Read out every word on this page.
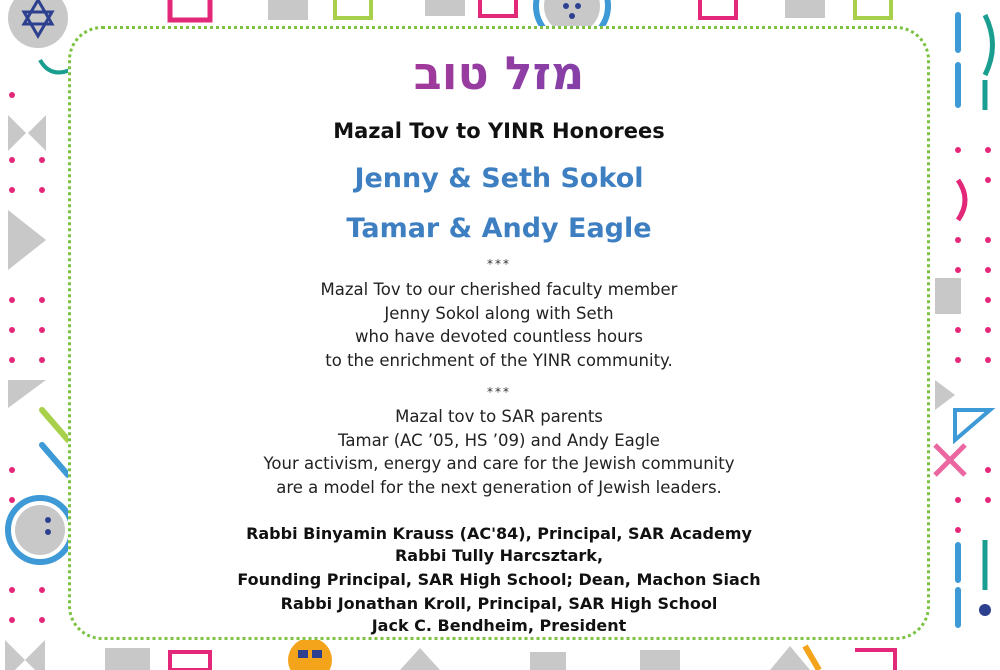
מזל טוב
Mazal Tov to YINR Honorees
Jenny & Seth Sokol
Tamar & Andy Eagle
***
Mazal Tov to our cherished faculty member
Jenny Sokol along with Seth
who have devoted countless hours
to the enrichment of the YINR community.
***
Mazal tov to SAR parents
Tamar (AC ’05, HS ’09) and Andy Eagle
Your activism, energy and care for the Jewish community
are a model for the next generation of Jewish leaders.
Rabbi Binyamin Krauss (AC'84), Principal, SAR Academy
Rabbi Tully Harcsztark,
Founding Principal, SAR High School; Dean, Machon Siach
Rabbi Jonathan Kroll, Principal, SAR High School
Jack C. Bendheim, President
